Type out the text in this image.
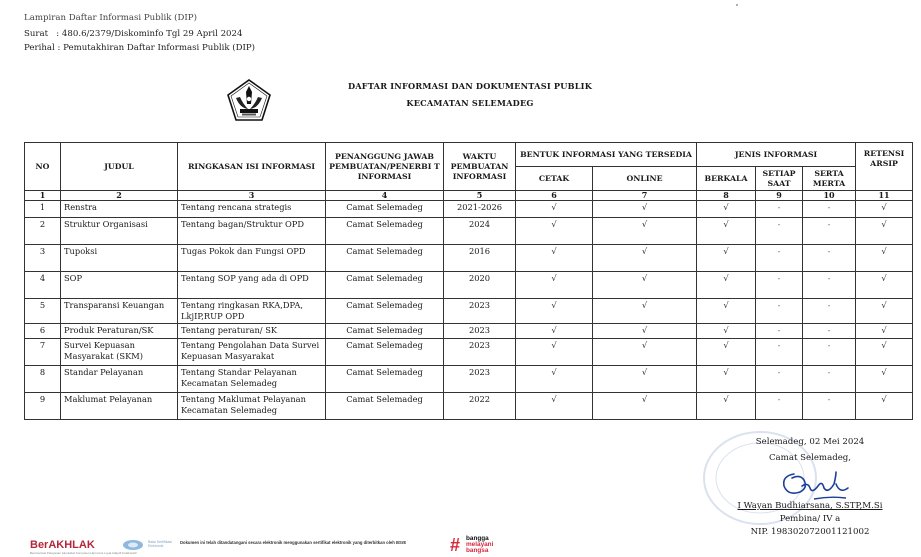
Lampiran Daftar Informasi Publik (DIP)
Surat   : 480.6/2379/Diskominfo Tgl 29 April 2024
Perihal : Pemutakhiran Daftar Informasi Publik (DIP)
DAFTAR INFORMASI DAN DOKUMENTASI PUBLIK
KECAMATAN SELEMADEG
NO	JUDUL	RINGKASAN ISI INFORMASI	PENANGGUNG JAWAB PEMBUATAN/PENERBI T INFORMASI	WAKTU PEMBUATAN INFORMASI	BENTUK INFORMASI YANG TERSEDIA		JENIS INFORMASI			RETENSI ARSIP
					CETAK	ONLINE	BERKALA	SETIAP SAAT	SERTA MERTA	
1	2	3	4	5	6	7	8	9	10	11
1	Renstra	Tentang rencana strategis	Camat Selemadeg	2021-2026	√	√	√	-	-	√
2	Struktur Organisasi	Tentang bagan/Struktur OPD	Camat Selemadeg	2024	√	√	√	-	-	√
3	Tupoksi	Tugas Pokok dan Fungsi OPD	Camat Selemadeg	2016	√	√	√	-	-	√
4	SOP	Tentang SOP yang ada di OPD	Camat Selemadeg	2020	√	√	√	-	-	√
5	Transparansi Keuangan	Tentang ringkasan RKA,DPA, LkjIP,RUP OPD	Camat Selemadeg	2023	√	√	√	-	-	√
6	Produk Peraturan/SK	Tentang peraturan/ SK	Camat Selemadeg	2023	√	√	√	-	-	√
7	Survei Kepuasan Masyarakat (SKM)	Tentang Pengolahan Data Survei Kepuasan Masyarakat	Camat Selemadeg	2023	√	√	√	-	-	√
8	Standar Pelayanan	Tentang Standar Pelayanan Kecamatan Selemadeg	Camat Selemadeg	2023	√	√	√	-	-	√
9	Maklumat Pelayanan	Tentang Maklumat Pelayanan Kecamatan Selemadeg	Camat Selemadeg	2022	√	√	√	-	-	√
Selemadeg, 02 Mei 2024
Camat Selemadeg,
I Wayan Budhiarsana, S.STP,M.Si
Pembina/ IV a
NIP. 198302072001121002
BerAKHLAK
Berorientasi Pelayanan Akuntabel Kompeten Harmonis Loyal Adaptif Kolaboratif
Balai Sertifikasi Elektronik
Dokumen ini telah ditandatangani secara elektronik menggunakan sertifikat elektronik yang diterbitkan oleh BSrE	# bangga
melayani
bangsa
